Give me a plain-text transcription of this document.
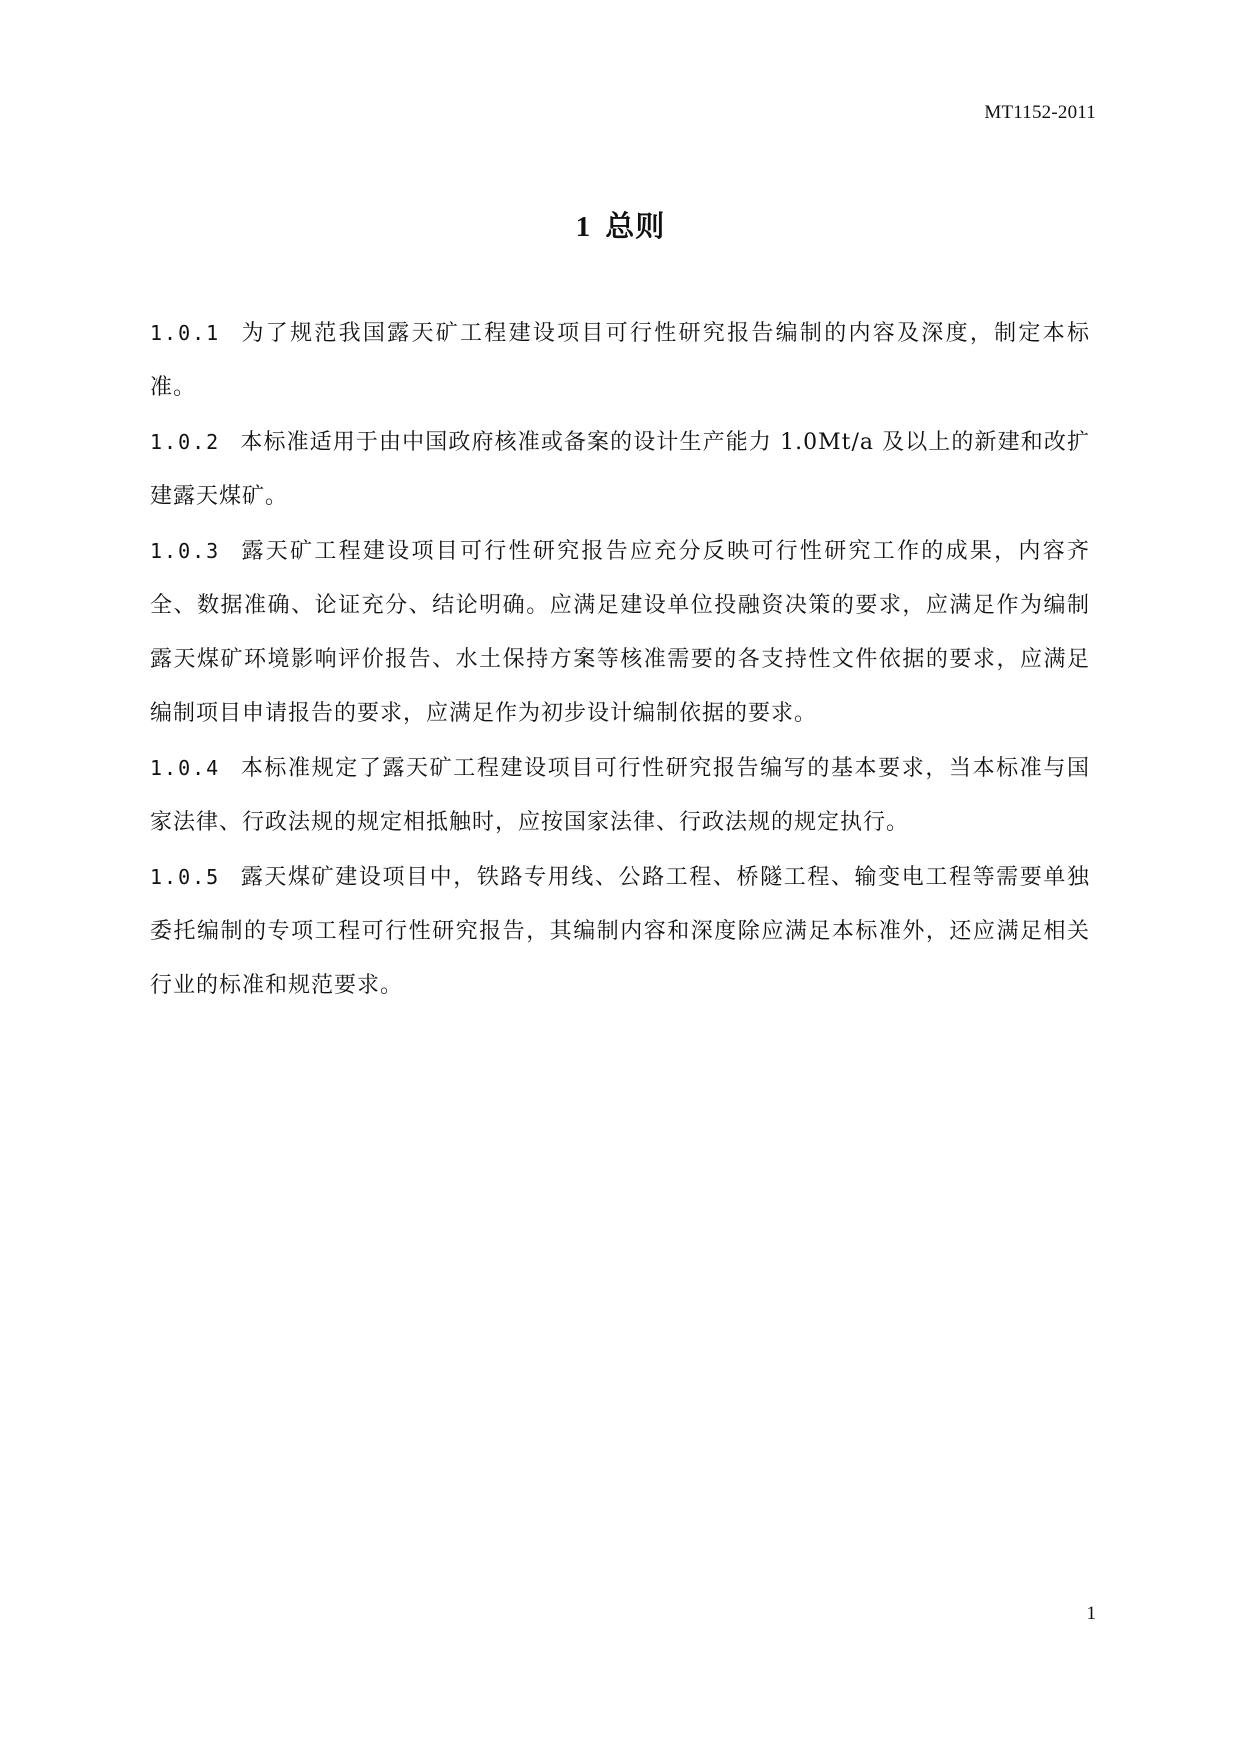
MT1152-2011
1 总则

1.0.1 为了规范我国露天矿工程建设项目可行性研究报告编制的内容及深度，制定本标准。

1.0.2 本标准适用于由中国政府核准或备案的设计生产能力 1.0Mt/a 及以上的新建和改扩建露天煤矿。

1.0.3 露天矿工程建设项目可行性研究报告应充分反映可行性研究工作的成果，内容齐全、数据准确、论证充分、结论明确。应满足建设单位投融资决策的要求，应满足作为编制露天煤矿环境影响评价报告、水土保持方案等核准需要的各支持性文件依据的要求，应满足编制项目申请报告的要求，应满足作为初步设计编制依据的要求。

1.0.4 本标准规定了露天矿工程建设项目可行性研究报告编写的基本要求，当本标准与国家法律、行政法规的规定相抵触时，应按国家法律、行政法规的规定执行。

1.0.5 露天煤矿建设项目中，铁路专用线、公路工程、桥隧工程、输变电工程等需要单独委托编制的专项工程可行性研究报告，其编制内容和深度除应满足本标准外，还应满足相关行业的标准和规范要求。

1
